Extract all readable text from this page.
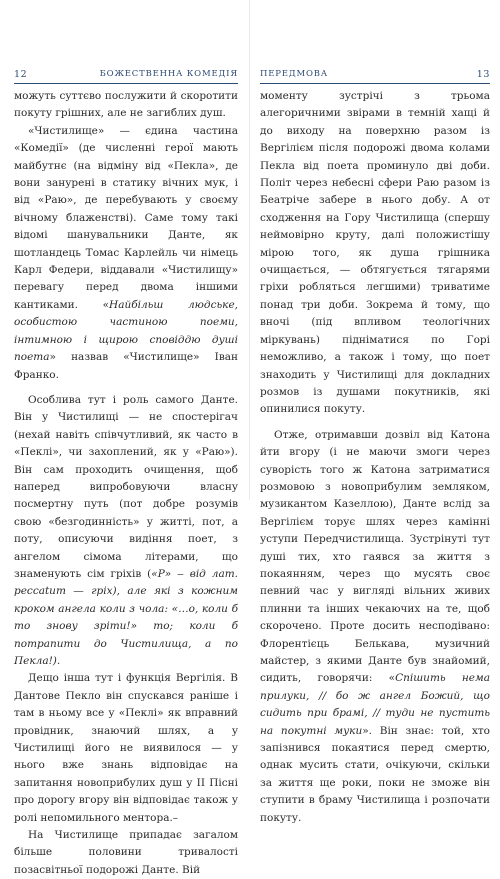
12	БОЖЕСТВЕННА КОМЕДІЯ

можуть суттєво послужити й скоротити покуту грішних, але не загиблих душ.

«Чистилище» — єдина частина «Комедії» (де численні герої мають майбутнє (на відміну від «Пекла», де вони занурені в статику вічних мук, і від «Раю», де перебувають у своєму вічному блаженстві). Саме тому такі відомі шанувальники Данте, як шотландець Томас Карлейль чи німець Карл Федери, віддавали «Чистилищу» перевагу перед двома іншими кантиками. «Найбільш людське, особистою частиною поеми, інтимною і щирою сповіддю душі поета» назвав «Чистилище» Іван Франко.

Особлива тут і роль самого Данте. Він у Чистилищі — не спостерігач (нехай навіть співчутливий, як часто в «Пеклі», чи захоплений, як у «Раю»). Він сам проходить очищення, щоб наперед випробовуючи власну посмертну путь (пот добре розумів свою «безгодинність» у житті, пот, а поту, описуючи видіння поет, з ангелом сімома літерами, що знаменують сім гріхів («P» ‒ від лат. peccatum — гріх), але які з кожним кроком ангела коли з чола: «…о, коли б то знову зріти!» то; коли б потрапити до Чистилища, а по Пекла!).

Дещо інша тут і функція Вергілія. В Дантове Пекло він спускався раніше і там в ньому все у «Пеклі» як вправний провідник, знаючий шлях, а у Чистилищі його не виявилося — у нього вже знань відповідає на запитання новоприбулих душ у ІІ Пісні про дорогу вгору він відповідає також у ролі непомильного ментора.–

На Чистилище припадає загалом більше половини тривалості позасвітньої подорожі Данте. Вій

ПЕРЕДМОВА	13

моменту зустрічі з трьома алегоричними звірами в темній хащі й до виходу на поверхню разом із Вергілієм після подорожі двома колами Пекла від поета проминуло дві доби. Політ через небесні сфери Раю разом із Беатріче забере в нього добу. А от сходження на Гору Чистилища (спершу неймовірно круту, далі положистішу мірою того, як душа грішника очищається, — обтягується тягарями гріхи робляться легшими) триватиме понад три доби. Зокрема й тому, що вночі (під впливом теологічних міркувань) підніматися по Горі неможливо, а також і тому, що поет знаходить у Чистилищі для докладних розмов із душами покутників, які опинилися покуту.

Отже, отримавши дозвіл від Катона йти вгору (і не маючи змоги через суворість того ж Катона затриматися розмовою з новоприбулим земляком, музикантом Казеллою), Данте вслід за Вергілієм торує шлях через камінні уступи Передчистилища. Зустрінуті тут душі тих, хто гаявся за життя з покаянням, через що мусять своє певний час у вигляді вільних живих плинни та інших чекаючих на те, щоб скорочено. Проте досить несподівано: Флорентієць Белькава, музичний майстер, з якими Данте був знайомий, сидить, говорячи: «Спішить нема прилуки, // бо ж ангел Божий, що сидить при брамі, // туди не пустить на покутні муки». Він знає: той, хто запізнився покаятися перед смертю, однак мусить стати, очікуючи, скільки за життя ще роки, поки не зможе він ступити в браму Чистилища і розпочати покуту.
